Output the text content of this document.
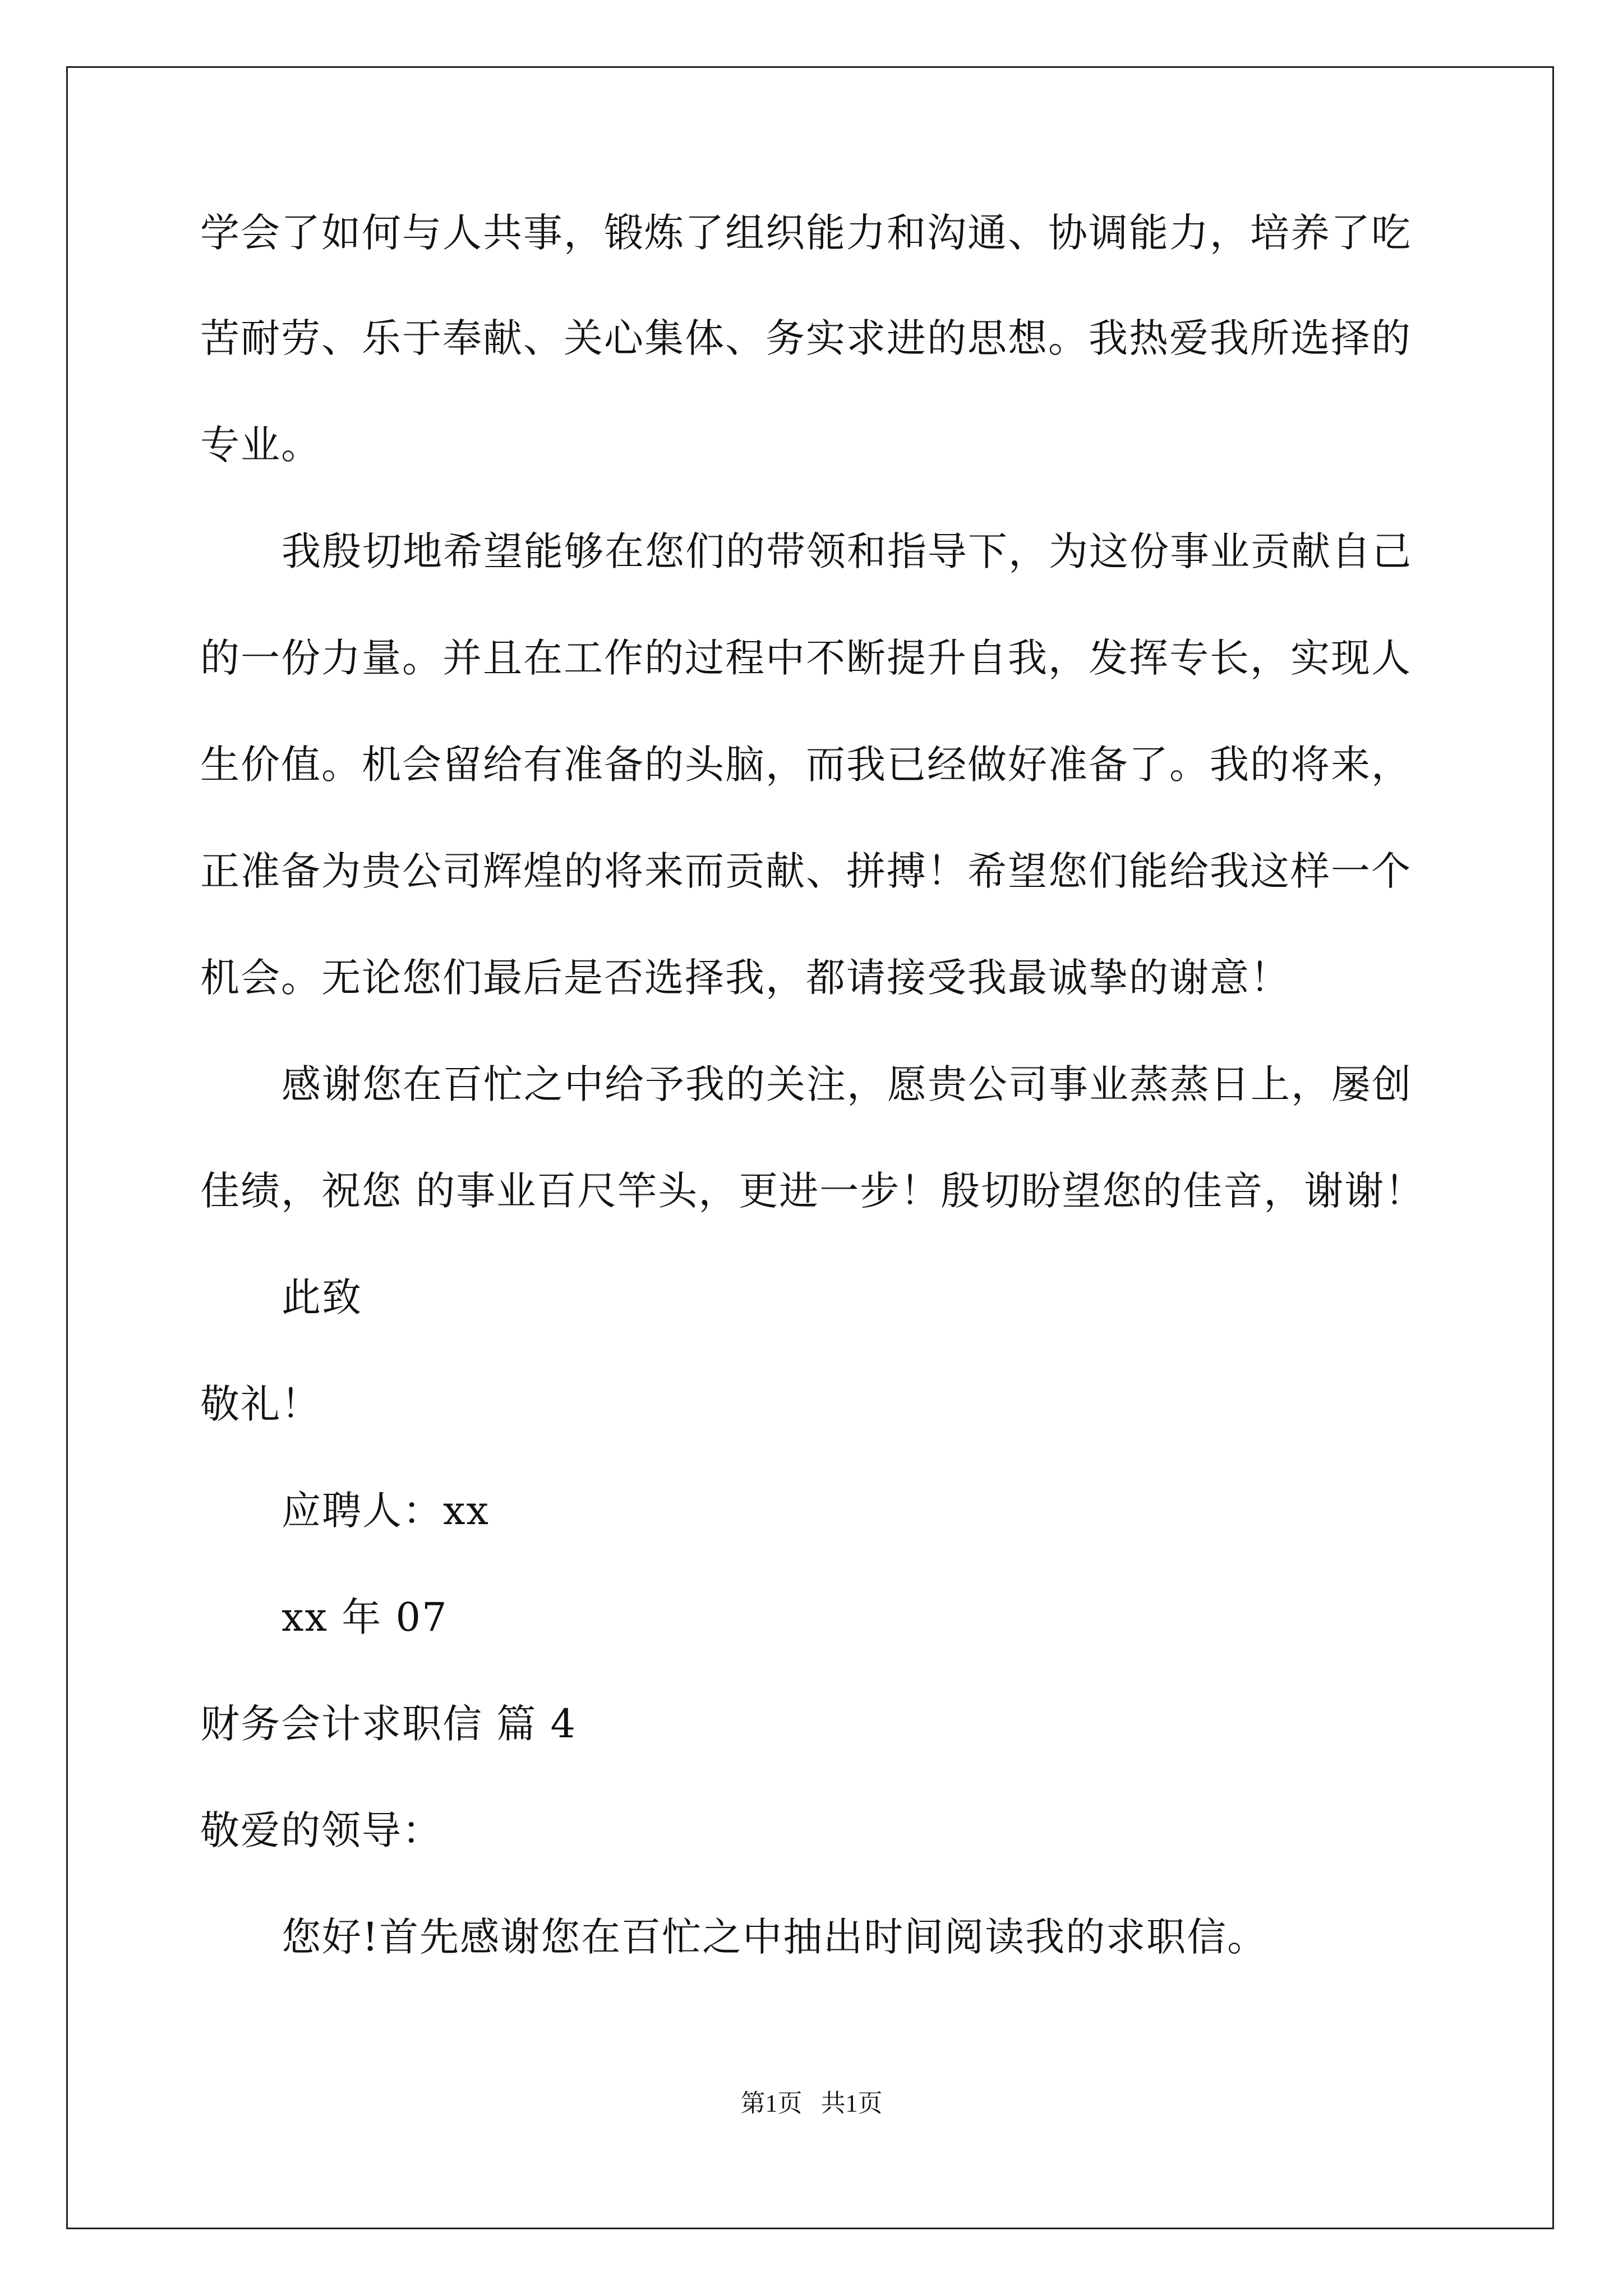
学会了如何与人共事，锻炼了组织能力和沟通、协调能力，培养了吃
苦耐劳、乐于奉献、关心集体、务实求进的思想。我热爱我所选择的
专业。
我殷切地希望能够在您们的带领和指导下，为这份事业贡献自己
的一份力量。并且在工作的过程中不断提升自我，发挥专长，实现人
生价值。机会留给有准备的头脑，而我已经做好准备了。我的将来，
正准备为贵公司辉煌的将来而贡献、拼搏！希望您们能给我这样一个
机会。无论您们最后是否选择我，都请接受我最诚挚的谢意！
感谢您在百忙之中给予我的关注，愿贵公司事业蒸蒸日上，屡创
佳绩，祝您 的事业百尺竿头，更进一步！殷切盼望您的佳音，谢谢！
此致
敬礼！
应聘人：xx
xx 年 07
财务会计求职信 篇 4
敬爱的领导：
您好!首先感谢您在百忙之中抽出时间阅读我的求职信。
第1页   共1页
